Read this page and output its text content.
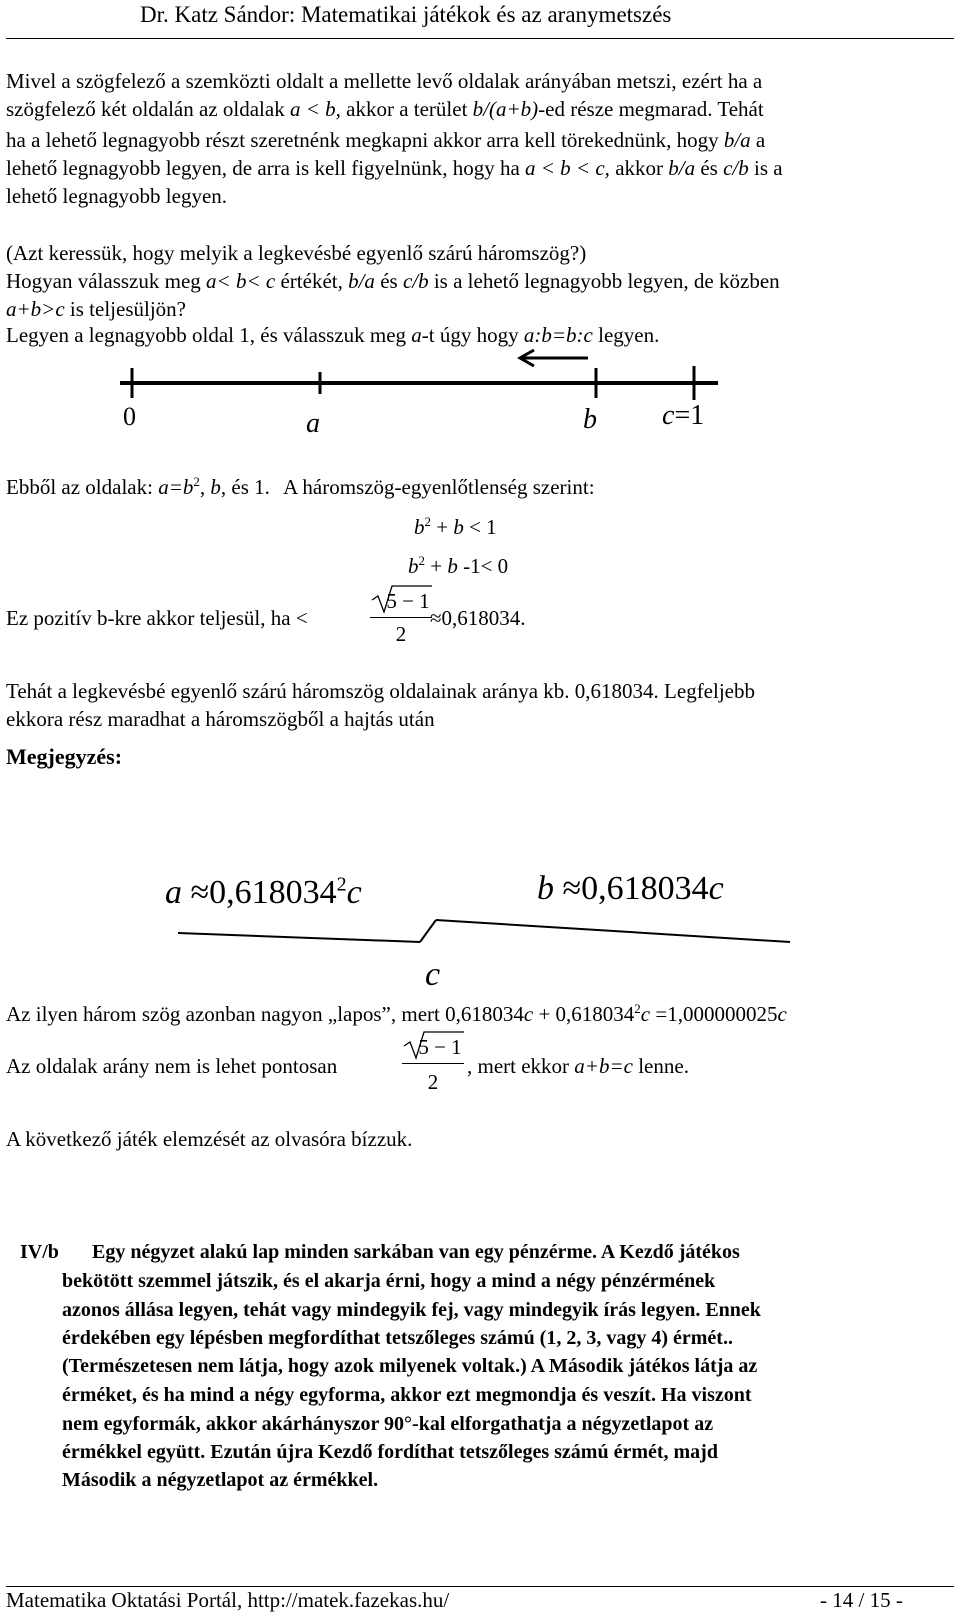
Dr. Katz Sándor: Matematikai játékok és az aranymetszés
Mivel a szögfelező a szemközti oldalt a mellette levő oldalak arányában metszi, ezért ha a
szögfelező két oldalán az oldalak a < b, akkor a terület b/(a+b)-ed része megmarad. Tehát
ha a lehető legnagyobb részt szeretnénk megkapni akkor arra kell törekednünk, hogy b/a a
lehető legnagyobb legyen, de arra is kell figyelnünk, hogy ha a < b < c, akkor b/a és c/b is a
lehető legnagyobb legyen.
(Azt keressük, hogy melyik a legkevésbé egyenlő szárú háromszög?)
Hogyan válasszuk meg a< b< c értékét, b/a és c/b is a lehető legnagyobb legyen, de közben
a+b>c is teljesüljön?
Legyen a legnagyobb oldal 1, és válasszuk meg a-t úgy hogy a:b=b:c legyen.
0	a	b c=1
Ebből az oldalak: $a=b^2$, b, és 1. A háromszög-egyenlőtlenség szerint:
$b^2 + b < 1$
$b^2 + b$ -1< 0
Ez pozitív b-kre akkor teljesül, ha <
5 − 1
2
≈0,618034.
Tehát a legkevésbé egyenlő szárú háromszög oldalainak aránya kb. 0,618034. Legfeljebb
ekkora rész maradhat a háromszögből a hajtás után
Megjegyzés:
$a \approx 0,618034^2c$	b ≈0,618034c
c
Az ilyen három szög azonban nagyon „lapos”, mert $0,618034c + 0,618034^2c =1,000000025c$
Az oldalak arány nem is lehet pontosan
5 − 1
2
, mert ekkor a+b=c lenne.
A következő játék elemzését az olvasóra bízzuk.
IV/b Egy négyzet alakú lap minden sarkában van egy pénzérme. A Kezdő játékos
bekötött szemmel játszik, és el akarja érni, hogy a mind a négy pénzérmének
azonos állása legyen, tehát vagy mindegyik fej, vagy mindegyik írás legyen. Ennek
érdekében egy lépésben megfordíthat tetszőleges számú (1, 2, 3, vagy 4) érmét..
(Természetesen nem látja, hogy azok milyenek voltak.) A Második játékos látja az
érméket, és ha mind a négy egyforma, akkor ezt megmondja és veszít. Ha viszont
nem egyformák, akkor akárhányszor 90°-kal elforgathatja a négyzetlapot az
érmékkel együtt. Ezután újra Kezdő fordíthat tetszőleges számú érmét, majd
Második a négyzetlapot az érmékkel.
Matematika Oktatási Portál, http://matek.fazekas.hu/	- 14 / 15 -
